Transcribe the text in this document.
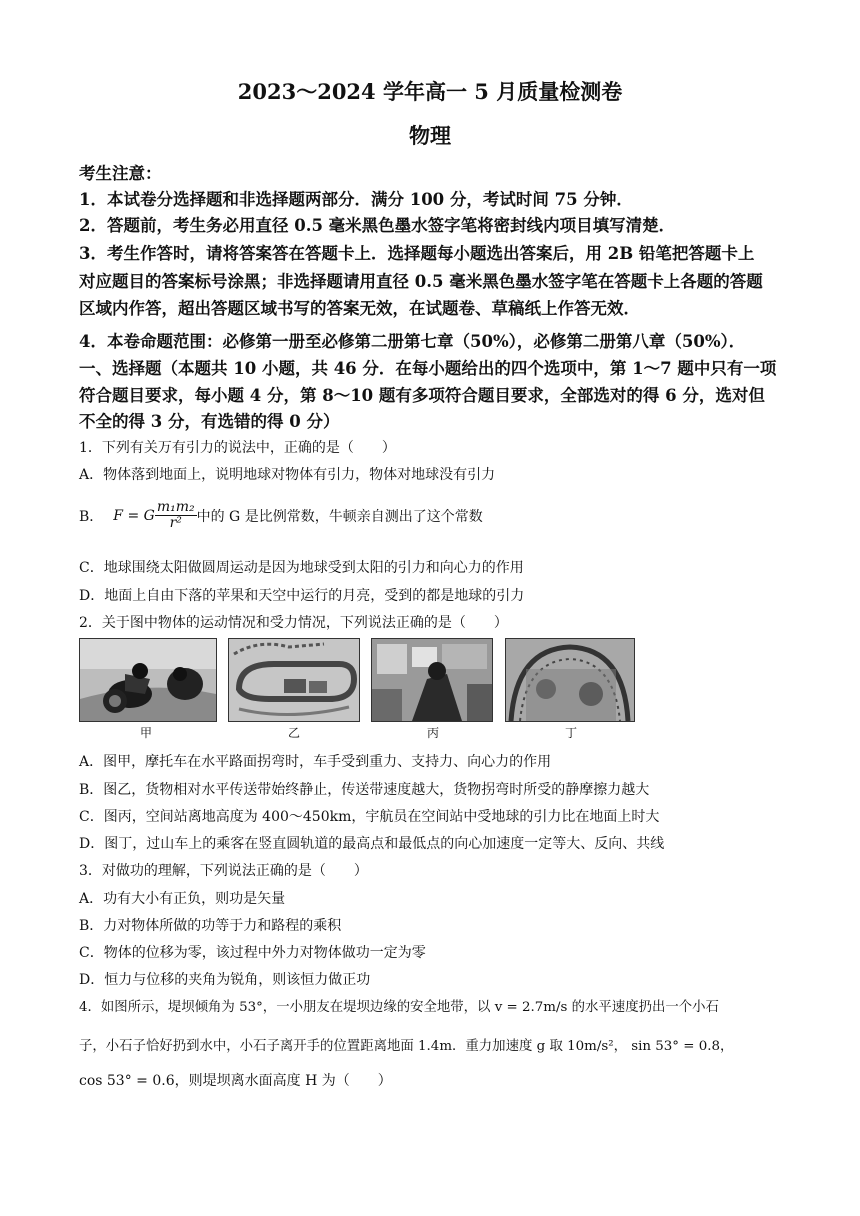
2023～2024 学年高一 5 月质量检测卷
物理
考生注意：
1．本试卷分选择题和非选择题两部分．满分 100 分，考试时间 75 分钟．
2．答题前，考生务必用直径 0.5 毫米黑色墨水签字笔将密封线内项目填写清楚．
3．考生作答时，请将答案答在答题卡上．选择题每小题选出答案后，用 2B 铅笔把答题卡上
对应题目的答案标号涂黑；非选择题请用直径 0.5 毫米黑色墨水签字笔在答题卡上各题的答题
区域内作答，超出答题区域书写的答案无效，在试题卷、草稿纸上作答无效．
4．本卷命题范围：必修第一册至必修第二册第七章（50%），必修第二册第八章（50%）．
一、选择题（本题共 10 小题，共 46 分．在每小题给出的四个选项中，第 1～7 题中只有一项
符合题目要求，每小题 4 分，第 8～10 题有多项符合题目要求，全部选对的得 6 分，选对但
不全的得 3 分，有选错的得 0 分）
1．下列有关万有引力的说法中，正确的是（　　）
A．物体落到地面上，说明地球对物体有引力，物体对地球没有引力
B． F = G $\frac{\text{m₁m₂}}{\text{r²}}$ 中的 G 是比例常数，牛顿亲自测出了这个常数
C．地球围绕太阳做圆周运动是因为地球受到太阳的引力和向心力的作用
D．地面上自由下落的苹果和天空中运行的月亮，受到的都是地球的引力
2．关于图中物体的运动情况和受力情况，下列说法正确的是（　　）
甲	乙	丙	丁
A．图甲，摩托车在水平路面拐弯时，车手受到重力、支持力、向心力的作用
B．图乙，货物相对水平传送带始终静止，传送带速度越大，货物拐弯时所受的静摩擦力越大
C．图丙，空间站离地高度为 400～450km，宇航员在空间站中受地球的引力比在地面上时大
D．图丁，过山车上的乘客在竖直圆轨道的最高点和最低点的向心加速度一定等大、反向、共线
3．对做功的理解，下列说法正确的是（　　）
A．功有大小有正负，则功是矢量
B．力对物体所做的功等于力和路程的乘积
C．物体的位移为零，该过程中外力对物体做功一定为零
D．恒力与位移的夹角为锐角，则该恒力做正功
4．如图所示，堤坝倾角为 53°，一小朋友在堤坝边缘的安全地带，以 v = 2.7m/s 的水平速度扔出一个小石
子，小石子恰好扔到水中，小石子离开手的位置距离地面 1.4m．重力加速度 g 取 10m/s²， sin 53° = 0.8，
cos 53° = 0.6，则堤坝离水面高度 H 为（　　）
